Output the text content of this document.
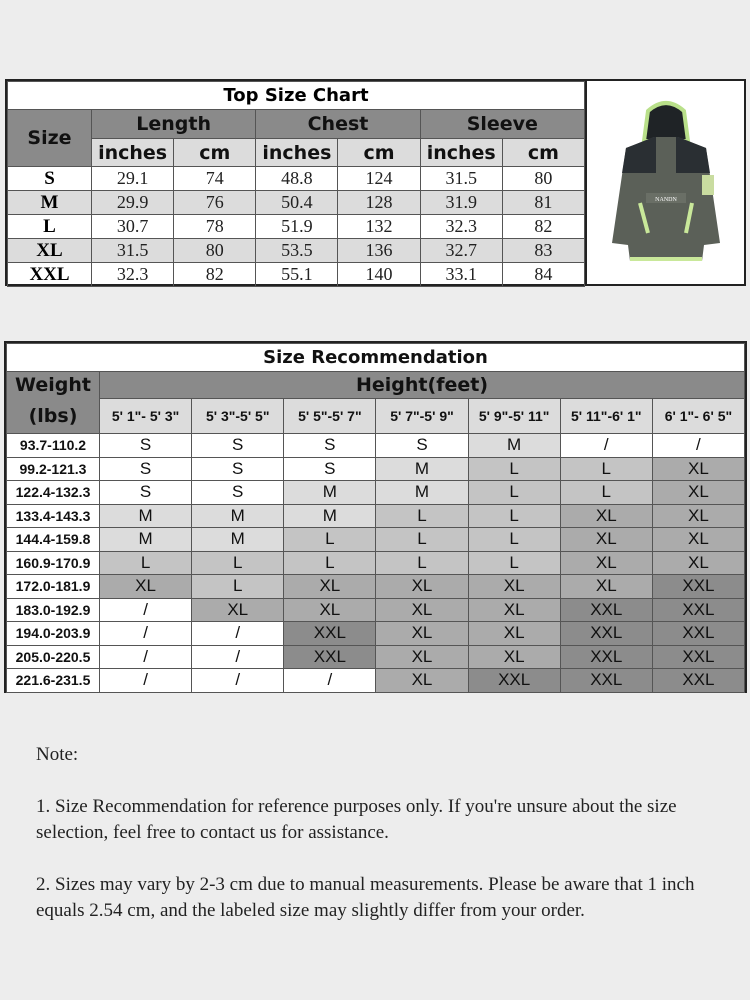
Top Size Chart						
Size	Length		Chest		Sleeve	
	inches	cm	inches	cm	inches	cm
S	29.1	74	48.8	124	31.5	80
M	29.9	76	50.4	128	31.9	81
L	30.7	78	51.9	132	32.3	82
XL	31.5	80	53.5	136	32.7	83
XXL	32.3	82	55.1	140	33.1	84
NANDN
Size Recommendation							
Weight	Height(feet)						
(lbs)	5' 1"- 5' 3"	5' 3"-5' 5"	5' 5"-5' 7"	5' 7"-5' 9"	5' 9"-5' 11"	5' 11"-6' 1"	6' 1"- 6' 5"
93.7-110.2	S	S	S	S	M	/	/
99.2-121.3	S	S	S	M	L	L	XL
122.4-132.3	S	S	M	M	L	L	XL
133.4-143.3	M	M	M	L	L	XL	XL
144.4-159.8	M	M	L	L	L	XL	XL
160.9-170.9	L	L	L	L	L	XL	XL
172.0-181.9	XL	L	XL	XL	XL	XL	XXL
183.0-192.9	/	XL	XL	XL	XL	XXL	XXL
194.0-203.9	/	/	XXL	XL	XL	XXL	XXL
205.0-220.5	/	/	XXL	XL	XL	XXL	XXL
221.6-231.5	/	/	/	XL	XXL	XXL	XXL

Note:

1. Size Recommendation for reference purposes only. If you're unsure about the size selection, feel free to contact us for assistance.

2. Sizes may vary by 2-3 cm due to manual measurements. Please be aware that 1 inch equals 2.54 cm, and the labeled size may slightly differ from your order.
